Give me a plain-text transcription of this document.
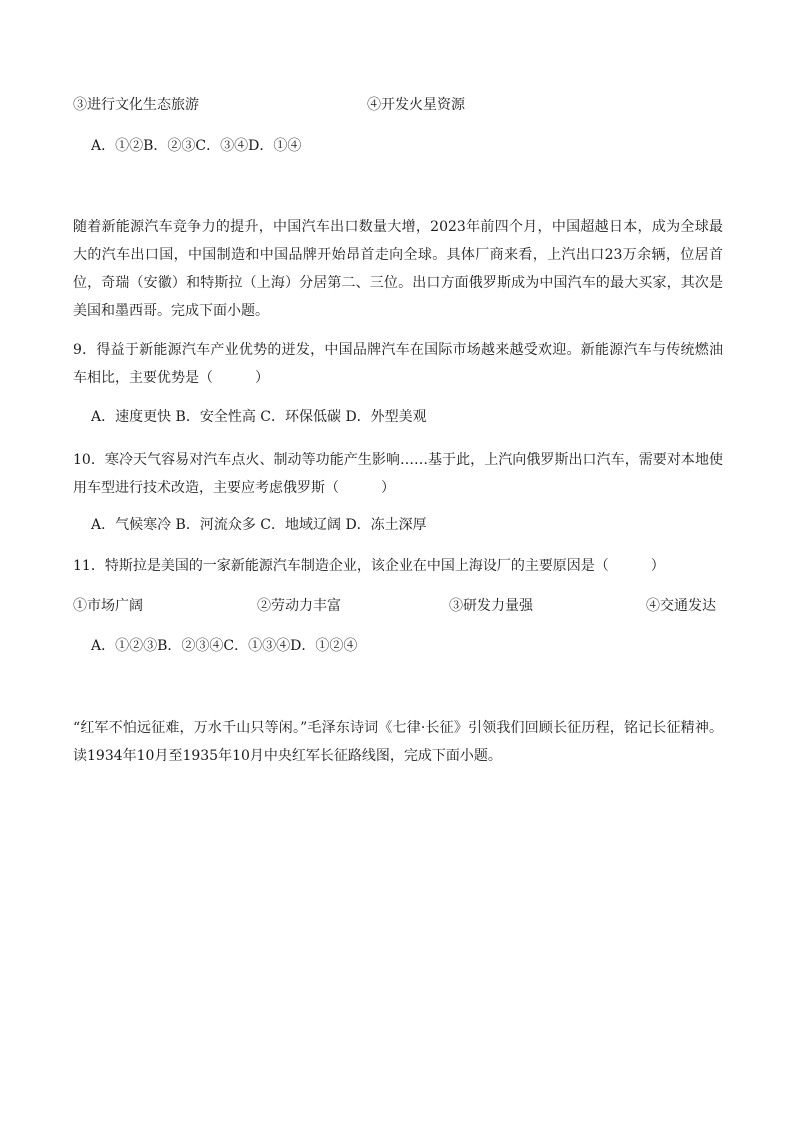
③进行文化生态旅游	④开发火星资源
A．①②B．②③C．③④D．①④
随着新能源汽车竞争力的提升，中国汽车出口数量大增，2023年前四个月，中国超越日本，成为全球最大的汽车出口国，中国制造和中国品牌开始昂首走向全球。具体厂商来看，上汽出口23万余辆，位居首位，奇瑞（安徽）和特斯拉（上海）分居第二、三位。出口方面俄罗斯成为中国汽车的最大买家，其次是美国和墨西哥。完成下面小题。
9．得益于新能源汽车产业优势的迸发，中国品牌汽车在国际市场越来越受欢迎。新能源汽车与传统燃油车相比，主要优势是（　　　）
A．速度更快 B．安全性高 C．环保低碳 D．外型美观
10．寒冷天气容易对汽车点火、制动等功能产生影响……基于此，上汽向俄罗斯出口汽车，需要对本地使用车型进行技术改造，主要应考虑俄罗斯（　　　）
A．气候寒冷 B．河流众多 C．地域辽阔 D．冻土深厚
11．特斯拉是美国的一家新能源汽车制造企业，该企业在中国上海设厂的主要原因是（　　　）
①市场广阔	②劳动力丰富	③研发力量强	④交通发达
A．①②③B．②③④C．①③④D．①②④
“红军不怕远征难，万水千山只等闲。”毛泽东诗词《七律·长征》引领我们回顾长征历程，铭记长征精神。读1934年10月至1935年10月中央红军长征路线图，完成下面小题。
